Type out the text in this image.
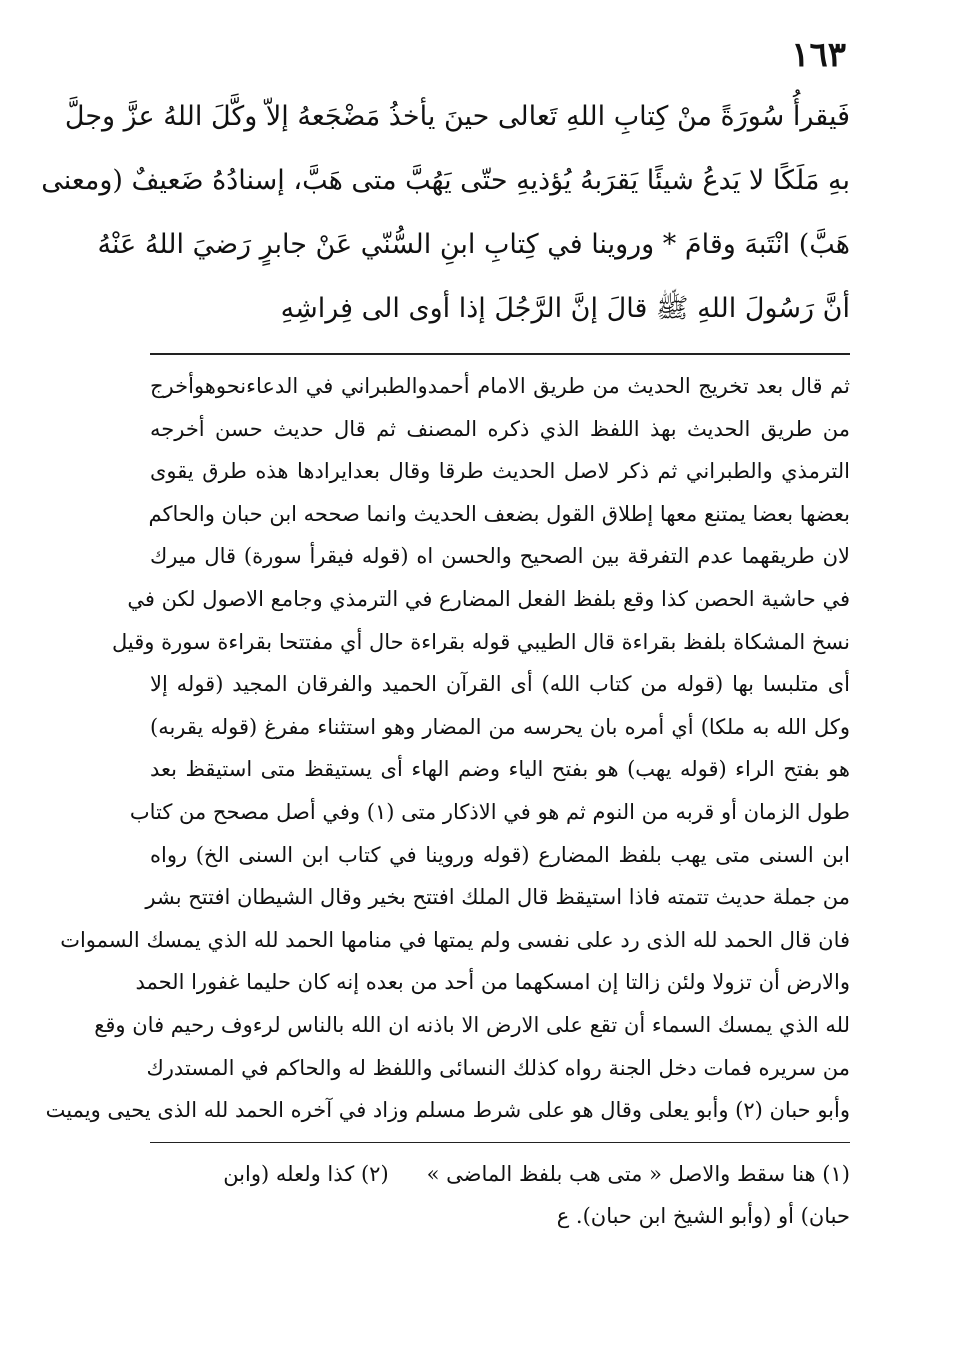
١٦٣
فَيقرأُ سُورَةً منْ كِتابِ اللهِ تَعالى حينَ يأخذُ مَضْجَعهُ إلاّ وكَّلَ اللهُ عزَّ وجلَّ
بهِ مَلَكًا لا يَدعُ شيئًا يَقرَبهُ يُؤذيهِ حتّى يَهُبَّ متى هَبَّ، إسنادُهُ ضَعيفٌ (ومعنى
هَبَّ) انْتَبهَ وقامَ * وروينا في كِتابِ ابنِ السُّنّي عَنْ جابرٍ رَضيَ اللهُ عَنْهُ
أنَّ رَسُولَ اللهِ ﷺ قالَ إنَّ الرَّجُلَ إذا أوى الى فِراشِهِ
ثم قال بعد تخريج الحديث من طريق الامام أحمدوالطبراني في الدعاءنحوهوأخرج
من طريق الحديث بهذ اللفظ الذي ذكره المصنف ثم قال حديث حسن أخرجه
الترمذي والطبراني ثم ذكر لاصل الحديث طرقا وقال بعدايرادها هذه طرق يقوى
بعضها بعضا يمتنع معها إطلاق القول بضعف الحديث وانما صححه ابن حبان والحاكم
لان طريقهما عدم التفرقة بين الصحيح والحسن اه (قوله فيقرأ سورة) قال ميرك
في حاشية الحصن كذا وقع بلفظ الفعل المضارع في الترمذي وجامع الاصول لكن في
نسخ المشكاة بلفظ بقراءة قال الطيبي قوله بقراءة حال أي مفتتحا بقراءة سورة وقيل
أى متلبسا بها (قوله من كتاب الله) أى القرآن الحميد والفرقان المجيد (قوله إلا
وكل الله به ملكا) أي أمره بان يحرسه من المضار وهو استثناء مفرغ (قوله يقربه)
هو بفتح الراء (قوله يهب) هو بفتح الياء وضم الهاء أى يستيقظ متى استيقظ بعد
طول الزمان أو قربه من النوم ثم هو في الاذكار متى (١) وفي أصل مصحح من كتاب
ابن السنى متى يهب بلفظ المضارع (قوله وروينا في كتاب ابن السنى الخ) رواه
من جملة حديث تتمته فاذا استيقظ قال الملك افتتح بخير وقال الشيطان افتتح بشر
فان قال الحمد لله الذى رد على نفسى ولم يمتها في منامها الحمد لله الذي يمسك السموات
والارض أن تزولا ولئن زالتا إن امسكهما من أحد من بعده إنه كان حليما غفورا الحمد
لله الذي يمسك السماء أن تقع على الارض الا باذنه ان الله بالناس لرءوف رحيم فان وقع
من سريره فمات دخل الجنة رواه كذلك النسائى واللفظ له والحاكم في المستدرك
وأبو حبان (٢) وأبو يعلى وقال هو على شرط مسلم وزاد في آخره الحمد لله الذى يحيى ويميت
(١) هنا سقط والاصل « متى هب بلفظ الماضى »
(٢) كذا ولعله (وابن
حبان) أو (وأبو الشيخ ابن حبان). ع
